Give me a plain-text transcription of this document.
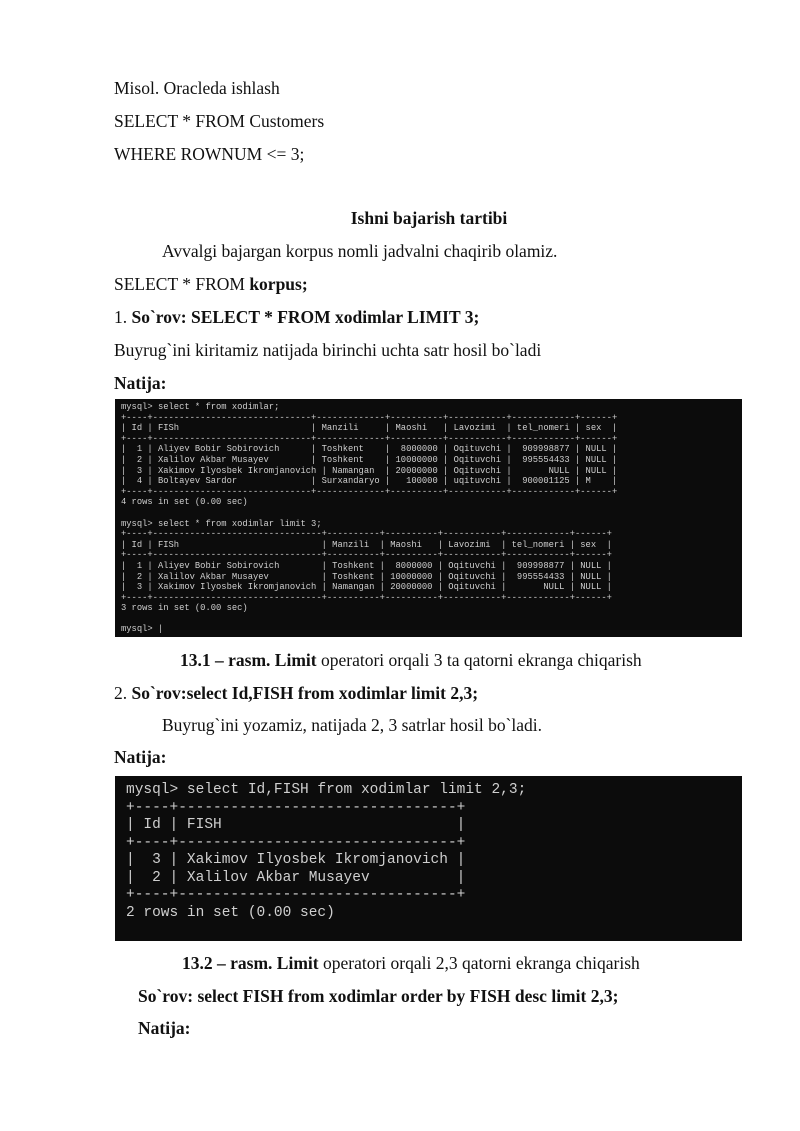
Misol. Oracleda ishlash
SELECT * FROM Customers
WHERE ROWNUM <= 3;
Ishni bajarish tartibi
Avvalgi bajargan korpus nomli jadvalni chaqirib olamiz.
SELECT * FROM korpus;
1. So`rov: SELECT * FROM xodimlar LIMIT 3;
Buyrug`ini kiritamiz natijada birinchi uchta satr hosil bo`ladi
Natija:
mysql> select * from xodimlar;
+----+------------------------------+-------------+----------+-----------+------------+------+
| Id | FISh                         | Manzili     | Maoshi   | Lavozimi  | tel_nomeri | sex  |
+----+------------------------------+-------------+----------+-----------+------------+------+
|  1 | Aliyev Bobir Sobirovich      | Toshkent    |  8000000 | Oqituvchi |  909998877 | NULL |
|  2 | Xalilov Akbar Musayev        | Toshkent    | 10000000 | Oqituvchi |  995554433 | NULL |
|  3 | Xakimov Ilyosbek Ikromjanovich | Namangan  | 20000000 | Oqituvchi |       NULL | NULL |
|  4 | Boltayev Sardor              | Surxandaryo |   100000 | uqituvchi |  900001125 | M    |
+----+------------------------------+-------------+----------+-----------+------------+------+
4 rows in set (0.00 sec)

mysql> select * from xodimlar limit 3;
+----+--------------------------------+----------+----------+-----------+------------+------+
| Id | FISh                           | Manzili  | Maoshi   | Lavozimi  | tel_nomeri | sex  |
+----+--------------------------------+----------+----------+-----------+------------+------+
|  1 | Aliyev Bobir Sobirovich        | Toshkent |  8000000 | Oqituvchi |  909998877 | NULL |
|  2 | Xalilov Akbar Musayev          | Toshkent | 10000000 | Oqituvchi |  995554433 | NULL |
|  3 | Xakimov Ilyosbek Ikromjanovich | Namangan | 20000000 | Oqituvchi |       NULL | NULL |
+----+--------------------------------+----------+----------+-----------+------------+------+
3 rows in set (0.00 sec)

mysql> |
13.1 – rasm. Limit operatori orqali 3 ta qatorni ekranga chiqarish
2. So`rov:select Id,FISH from xodimlar limit 2,3;
Buyrug`ini yozamiz, natijada 2, 3 satrlar hosil bo`ladi.
Natija:
mysql> select Id,FISH from xodimlar limit 2,3;
+----+--------------------------------+
| Id | FISH                           |
+----+--------------------------------+
|  3 | Xakimov Ilyosbek Ikromjanovich |
|  2 | Xalilov Akbar Musayev          |
+----+--------------------------------+
2 rows in set (0.00 sec)
13.2 – rasm. Limit operatori orqali 2,3 qatorni ekranga chiqarish
So`rov: select FISH from xodimlar order by FISH desc limit 2,3;
Natija:
